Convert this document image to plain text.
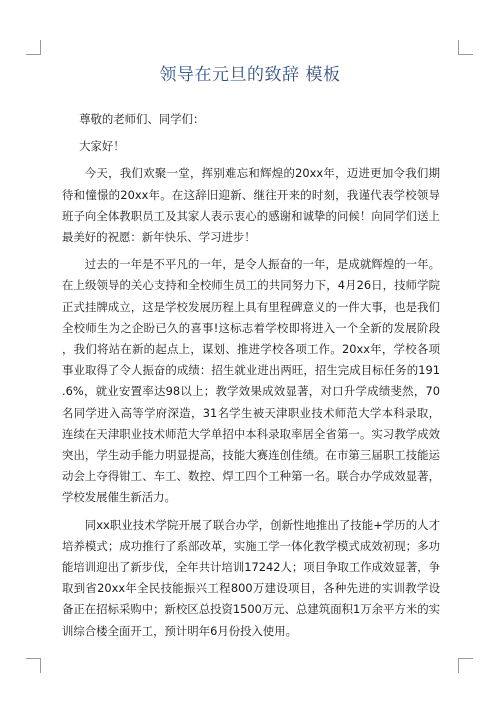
领导在元旦的致辞 模板

尊敬的老师们、同学们：

大家好！

今天，我们欢聚一堂，挥别难忘和辉煌的20xx年，迈进更加令我们期待和憧憬的20xx年。在这辞旧迎新、继往开来的时刻，我谨代表学校领导班子向全体教职员工及其家人表示衷心的感谢和诚挚的问候！向同学们送上最美好的祝愿：新年快乐、学习进步！

过去的一年是不平凡的一年，是令人振奋的一年，是成就辉煌的一年。在上级领导的关心支持和全校师生员工的共同努力下，4月26日，技师学院正式挂牌成立，这是学校发展历程上具有里程碑意义的一件大事，也是我们全校师生为之企盼已久的喜事!这标志着学校即将进入一个全新的发展阶段，我们将站在新的起点上，谋划、推进学校各项工作。20xx年，学校各项事业取得了令人振奋的成绩：招生就业进出两旺，招生完成目标任务的191.6%，就业安置率达98以上；教学效果成效显著，对口升学成绩斐然，70名同学进入高等学府深造，31名学生被天津职业技术师范大学本科录取，连续在天津职业技术师范大学单招中本科录取率居全省第一。实习教学成效突出，学生动手能力明显提高，技能大赛连创佳绩。在市第三届职工技能运动会上夺得钳工、车工、数控、焊工四个工种第一名。联合办学成效显著，学校发展催生新活力。

同xx职业技术学院开展了联合办学，创新性地推出了技能+学历的人才培养模式；成功推行了系部改革，实施工学一体化教学模式成效初现；多功能培训迎出了新步伐，全年共计培训17242人；项目争取工作成效显著，争取到省20xx年全民技能振兴工程800万建设项目，各种先进的实训教学设备正在招标采购中；新校区总投资1500万元、总建筑面积1万余平方米的实训综合楼全面开工，预计明年6月份投入使用。
